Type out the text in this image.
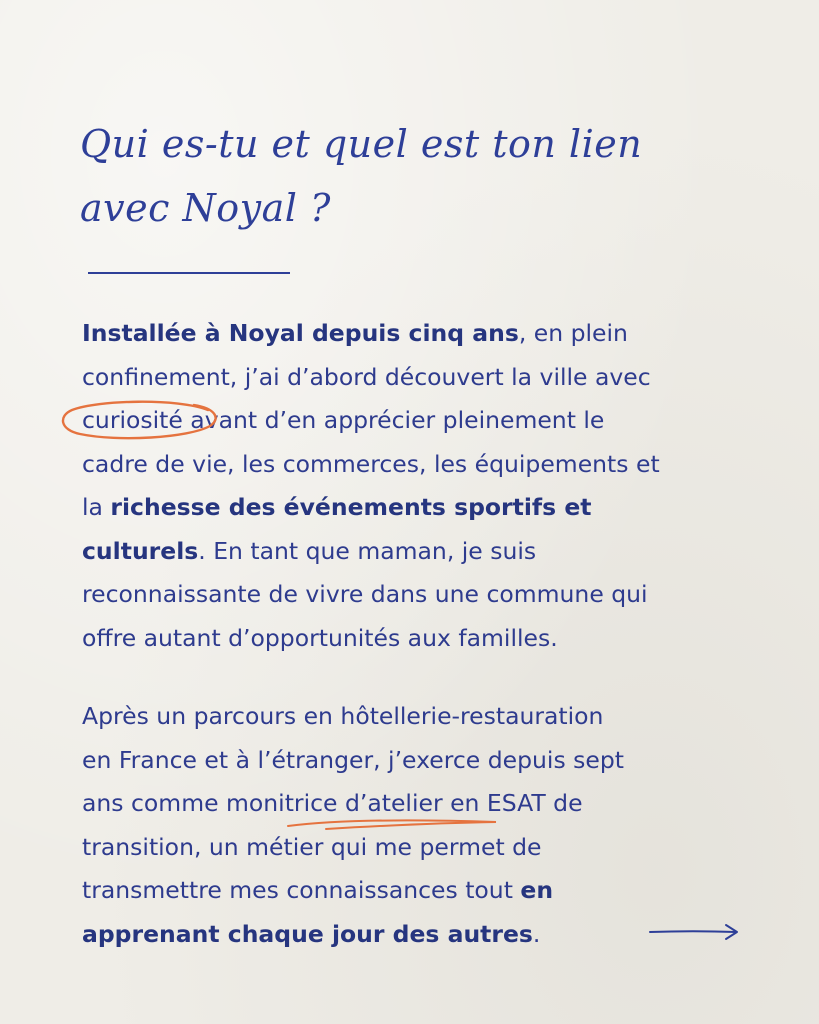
Qui es-tu et quel est ton lien
avec Noyal ?

Installée à Noyal depuis cinq ans, en plein
confinement, j’ai d’abord découvert la ville avec
curiosité avant d’en apprécier pleinement le
cadre de vie, les commerces, les équipements et
la richesse des événements sportifs et
culturels. En tant que maman, je suis
reconnaissante de vivre dans une commune qui
offre autant d’opportunités aux familles.

Après un parcours en hôtellerie-restauration
en France et à l’étranger, j’exerce depuis sept
ans comme monitrice d’atelier en ESAT de
transition, un métier qui me permet de
transmettre mes connaissances tout en
apprenant chaque jour des autres.
